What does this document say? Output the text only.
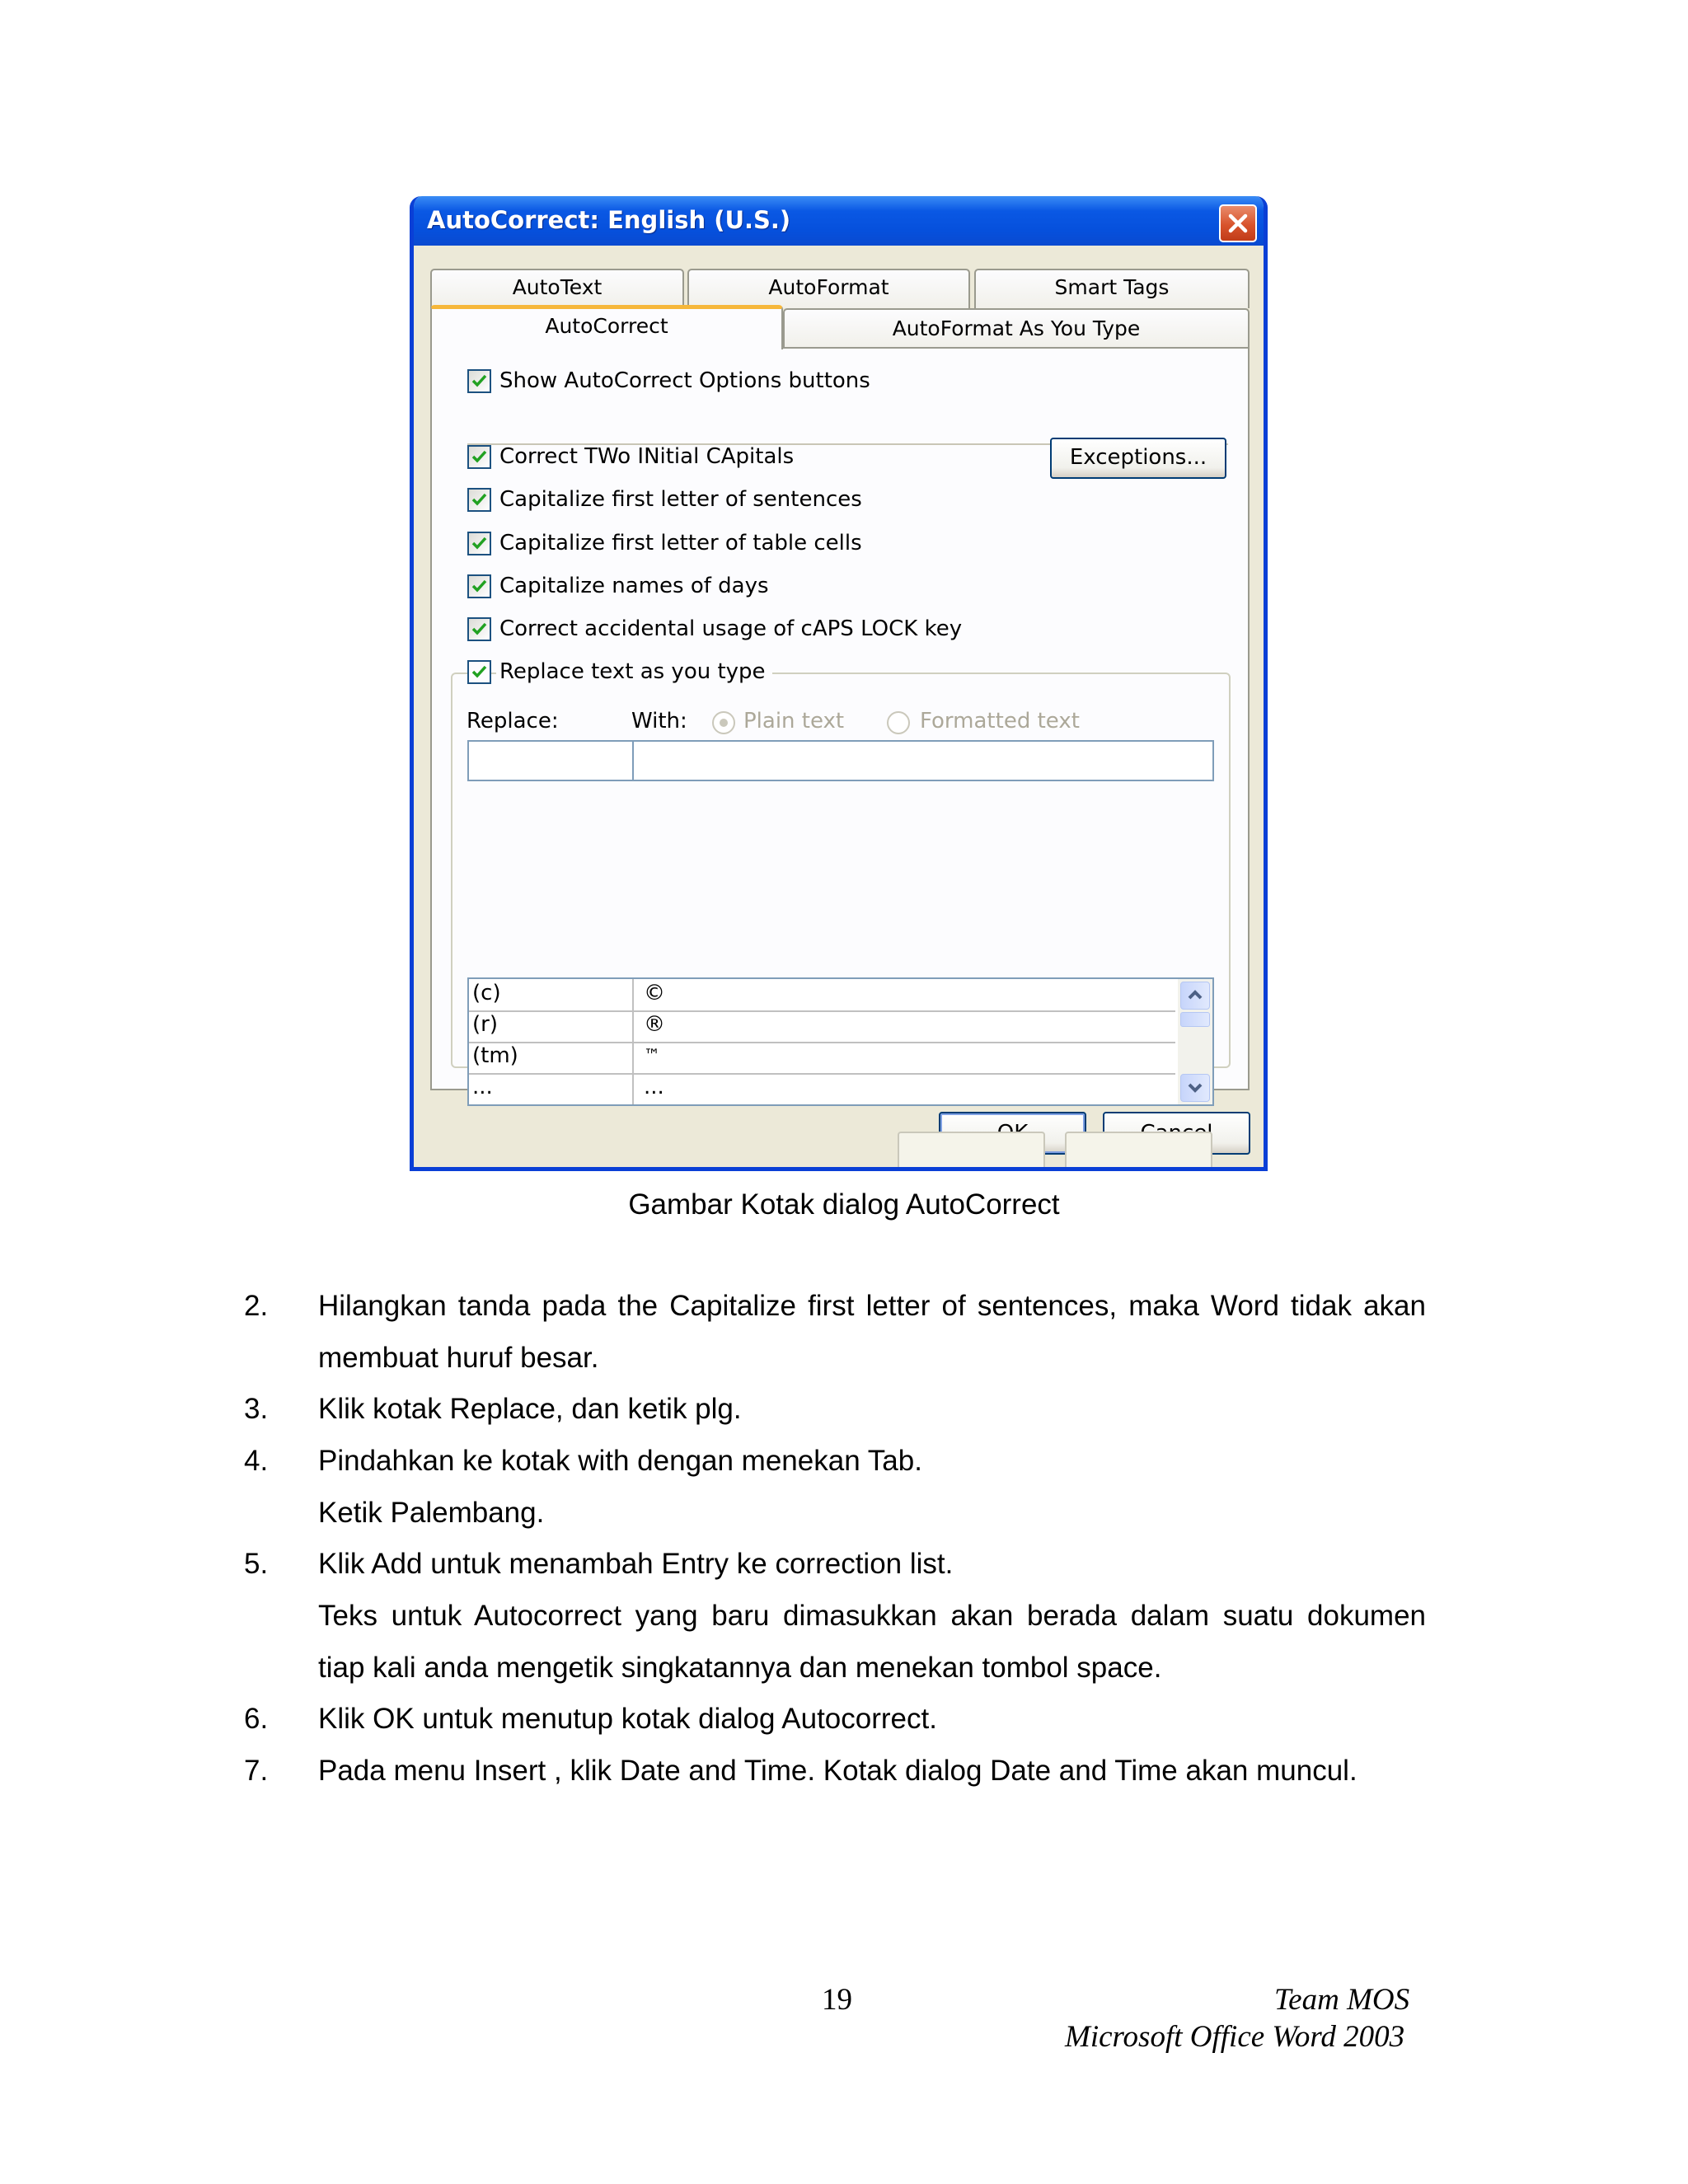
AutoCorrect: English (U.S.)
AutoText	AutoFormat	Smart Tags
AutoCorrect	AutoFormat As You Type
Show AutoCorrect Options buttons
Correct TWo INitial CApitals	Exceptions...
Capitalize first letter of sentences
Capitalize first letter of table cells
Capitalize names of days
Correct accidental usage of cAPS LOCK key
Replace text as you type
Replace:	With:	Plain text	Formatted text
(c)	©
(r)	®
(tm)	™
...	...
Gambar Kotak dialog AutoCorrect
2. Hilangkan tanda pada the Capitalize first letter of sentences, maka Word tidak akan
membuat huruf besar.
3. Klik kotak Replace, dan ketik plg.
4. Pindahkan ke kotak with dengan menekan Tab.
Ketik Palembang.
5. Klik Add untuk menambah Entry ke correction list.
Teks untuk Autocorrect yang baru dimasukkan akan berada dalam suatu dokumen
tiap kali anda mengetik singkatannya dan menekan tombol space.
6. Klik OK untuk menutup kotak dialog Autocorrect.
7. Pada menu Insert , klik Date and Time. Kotak dialog Date and Time akan muncul.
19	Team MOS
Microsoft Office Word 2003
